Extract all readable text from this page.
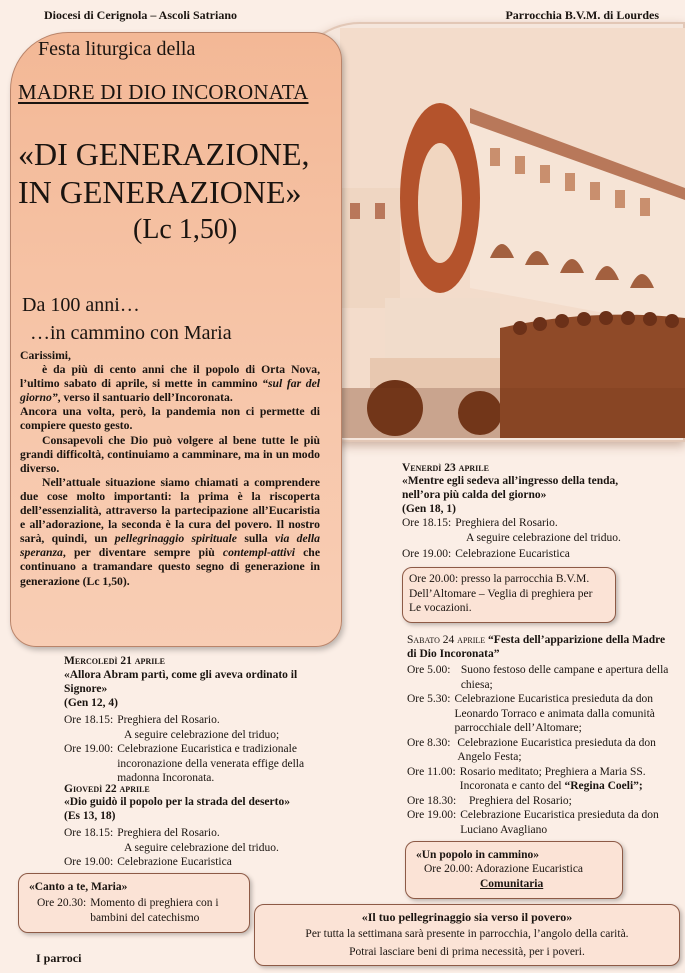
Diocesi di Cerignola – Ascoli Satriano	Parrocchia B.V.M. di Lourdes
Festa liturgica della
MADRE DI DIO INCORONATA
«DI GENERAZIONE,
IN GENERAZIONE»
(Lc 1,50)
Da 100 anni…
…in cammino con Maria

Carissimi,

è da più di cento anni che il popolo di Orta Nova, l’ultimo sabato di aprile, si mette in cammino “sul far del giorno”, verso il santuario dell’Incoronata.

Ancora una volta, però, la pandemia non ci permette di compiere questo gesto.

Consapevoli che Dio può volgere al bene tutte le più grandi difficoltà, continuiamo a camminare, ma in un modo diverso.

Nell’attuale situazione siamo chiamati a comprendere due cose molto importanti: la prima è la riscoperta dell’essenzialità, attraverso la partecipazione all’Eucaristia e all’adorazione, la seconda è la cura del povero. Il nostro sarà, quindi, un pellegrinaggio spirituale sulla via della speranza, per diventare sempre più contempl-attivi che continuano a tramandare questo segno di generazione in generazione (Lc 1,50).

Mercoledì 21 aprile
«Allora Abram partì, come gli aveva ordinato il Signore»
(Gen 12, 4)
Ore 18.15: Preghiera del Rosario.
A seguire celebrazione del triduo;
Ore 19.00: Celebrazione Eucaristica e tradizionale incoronazione della venerata effige della madonna Incoronata.
Giovedì 22 aprile
«Dio guidò il popolo per la strada del deserto»
(Es 13, 18)
Ore 18.15: Preghiera del Rosario.
A seguire celebrazione del triduo.
Ore 19.00: Celebrazione Eucaristica
«Canto a te, Maria»
Ore 20.30: Momento di preghiera con i bambini del catechismo
Venerdì 23 aprile
«Mentre egli sedeva all’ingresso della tenda, nell’ora più calda del giorno»
(Gen 18, 1)
Ore 18.15: Preghiera del Rosario.
A seguire celebrazione del triduo.
Ore 19.00: Celebrazione Eucaristica
Ore 20.00: presso la parrocchia B.V.M.
Dell’Altomare – Veglia di preghiera per
Le vocazioni.
Sabato 24 aprile “Festa dell’apparizione della Madre di Dio Incoronata”
Ore 5.00: Suono festoso delle campane e apertura della chiesa;
Ore 5.30: Celebrazione Eucaristica presieduta da don Leonardo Torraco e animata dalla comunità parrocchiale dell’Altomare;
Ore 8.30: Celebrazione Eucaristica presieduta da don Angelo Festa;
Ore 11.00: Rosario meditato; Preghiera a Maria SS. Incoronata e canto del “Regina Coeli”;
Ore 18.30:	Preghiera del Rosario;
Ore 19.00: Celebrazione Eucaristica presieduta da don Luciano Avagliano
«Un popolo in cammino»
Ore 20.00: Adorazione Eucaristica
Comunitaria
«Il tuo pellegrinaggio sia verso il povero»
Per tutta la settimana sarà presente in parrocchia, l’angolo della carità.
Potrai lasciare beni di prima necessità, per i poveri.
I parroci
